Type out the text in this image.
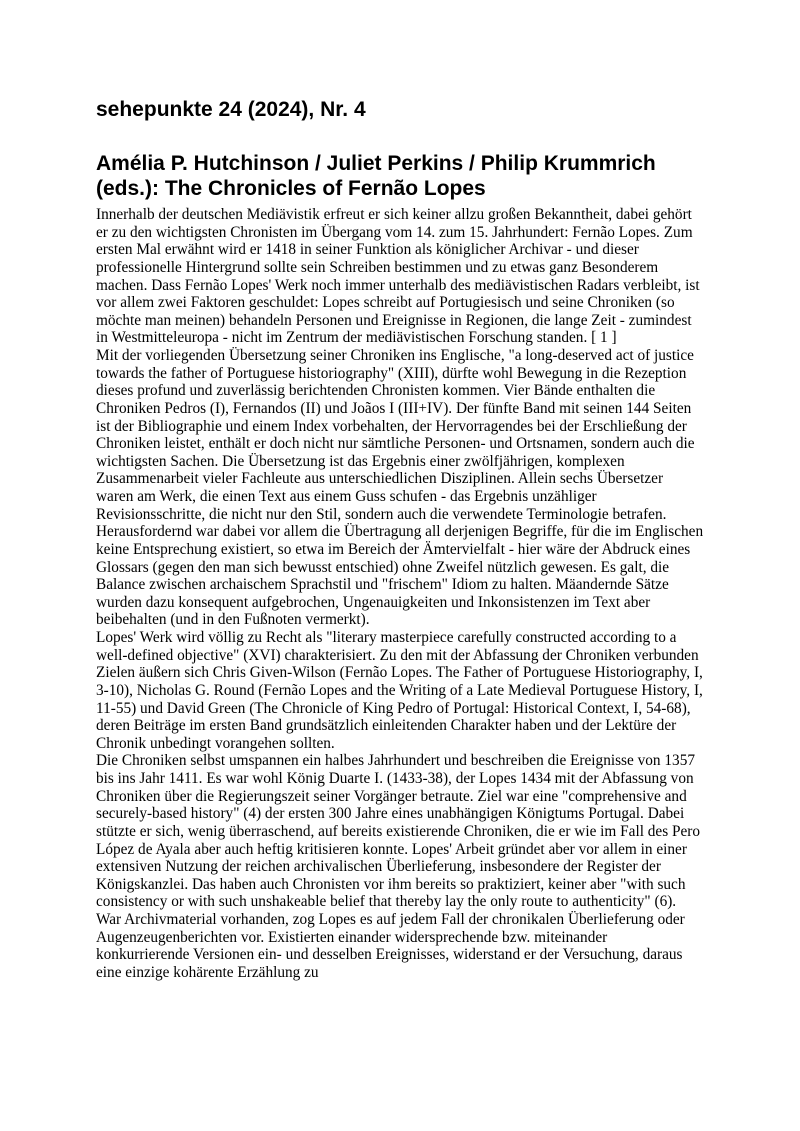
sehepunkte 24 (2024), Nr. 4
Amélia P. Hutchinson / Juliet Perkins / Philip Krummrich (eds.): The Chronicles of Fernão Lopes

Innerhalb der deutschen Mediävistik erfreut er sich keiner allzu großen Bekanntheit, dabei gehört er zu den wichtigsten Chronisten im Übergang vom 14. zum 15. Jahrhundert: Fernão Lopes. Zum ersten Mal erwähnt wird er 1418 in seiner Funktion als königlicher Archivar - und dieser professionelle Hintergrund sollte sein Schreiben bestimmen und zu etwas ganz Besonderem machen. Dass Fernão Lopes' Werk noch immer unterhalb des mediävistischen Radars verbleibt, ist vor allem zwei Faktoren geschuldet: Lopes schreibt auf Portugiesisch und seine Chroniken (so möchte man meinen) behandeln Personen und Ereignisse in Regionen, die lange Zeit - zumindest in Westmitteleuropa - nicht im Zentrum der mediävistischen Forschung standen. [ 1 ]

Mit der vorliegenden Übersetzung seiner Chroniken ins Englische, "a long-deserved act of justice towards the father of Portuguese historiography" (XIII), dürfte wohl Bewegung in die Rezeption dieses profund und zuverlässig berichtenden Chronisten kommen. Vier Bände enthalten die Chroniken Pedros (I), Fernandos (II) und Joãos I (III+IV). Der fünfte Band mit seinen 144 Seiten ist der Bibliographie und einem Index vorbehalten, der Hervorragendes bei der Erschließung der Chroniken leistet, enthält er doch nicht nur sämtliche Personen- und Ortsnamen, sondern auch die wichtigsten Sachen. Die Übersetzung ist das Ergebnis einer zwölfjährigen, komplexen Zusammenarbeit vieler Fachleute aus unterschiedlichen Disziplinen. Allein sechs Übersetzer waren am Werk, die einen Text aus einem Guss schufen - das Ergebnis unzähliger Revisionsschritte, die nicht nur den Stil, sondern auch die verwendete Terminologie betrafen. Herausfordernd war dabei vor allem die Übertragung all derjenigen Begriffe, für die im Englischen keine Entsprechung existiert, so etwa im Bereich der Ämtervielfalt - hier wäre der Abdruck eines Glossars (gegen den man sich bewusst entschied) ohne Zweifel nützlich gewesen. Es galt, die Balance zwischen archaischem Sprachstil und "frischem" Idiom zu halten. Mäandernde Sätze wurden dazu konsequent aufgebrochen, Ungenauigkeiten und Inkonsistenzen im Text aber beibehalten (und in den Fußnoten vermerkt).

Lopes' Werk wird völlig zu Recht als "literary masterpiece carefully constructed according to a well-defined objective" (XVI) charakterisiert. Zu den mit der Abfassung der Chroniken verbunden Zielen äußern sich Chris Given-Wilson (Fernão Lopes. The Father of Portuguese Historiography, I, 3-10), Nicholas G. Round (Fernão Lopes and the Writing of a Late Medieval Portuguese History, I, 11-55) und David Green (The Chronicle of King Pedro of Portugal: Historical Context, I, 54-68), deren Beiträge im ersten Band grundsätzlich einleitenden Charakter haben und der Lektüre der Chronik unbedingt vorangehen sollten.

Die Chroniken selbst umspannen ein halbes Jahrhundert und beschreiben die Ereignisse von 1357 bis ins Jahr 1411. Es war wohl König Duarte I. (1433-38), der Lopes 1434 mit der Abfassung von Chroniken über die Regierungszeit seiner Vorgänger betraute. Ziel war eine "comprehensive and securely-based history" (4) der ersten 300 Jahre eines unabhängigen Königtums Portugal. Dabei stützte er sich, wenig überraschend, auf bereits existierende Chroniken, die er wie im Fall des Pero López de Ayala aber auch heftig kritisieren konnte. Lopes' Arbeit gründet aber vor allem in einer extensiven Nutzung der reichen archivalischen Überlieferung, insbesondere der Register der Königskanzlei. Das haben auch Chronisten vor ihm bereits so praktiziert, keiner aber "with such consistency or with such unshakeable belief that thereby lay the only route to authenticity" (6). War Archivmaterial vorhanden, zog Lopes es auf jedem Fall der chronikalen Überlieferung oder Augenzeugenberichten vor. Existierten einander widersprechende bzw. miteinander konkurrierende Versionen ein- und desselben Ereignisses, widerstand er der Versuchung, daraus eine einzige kohärente Erzählung zu
